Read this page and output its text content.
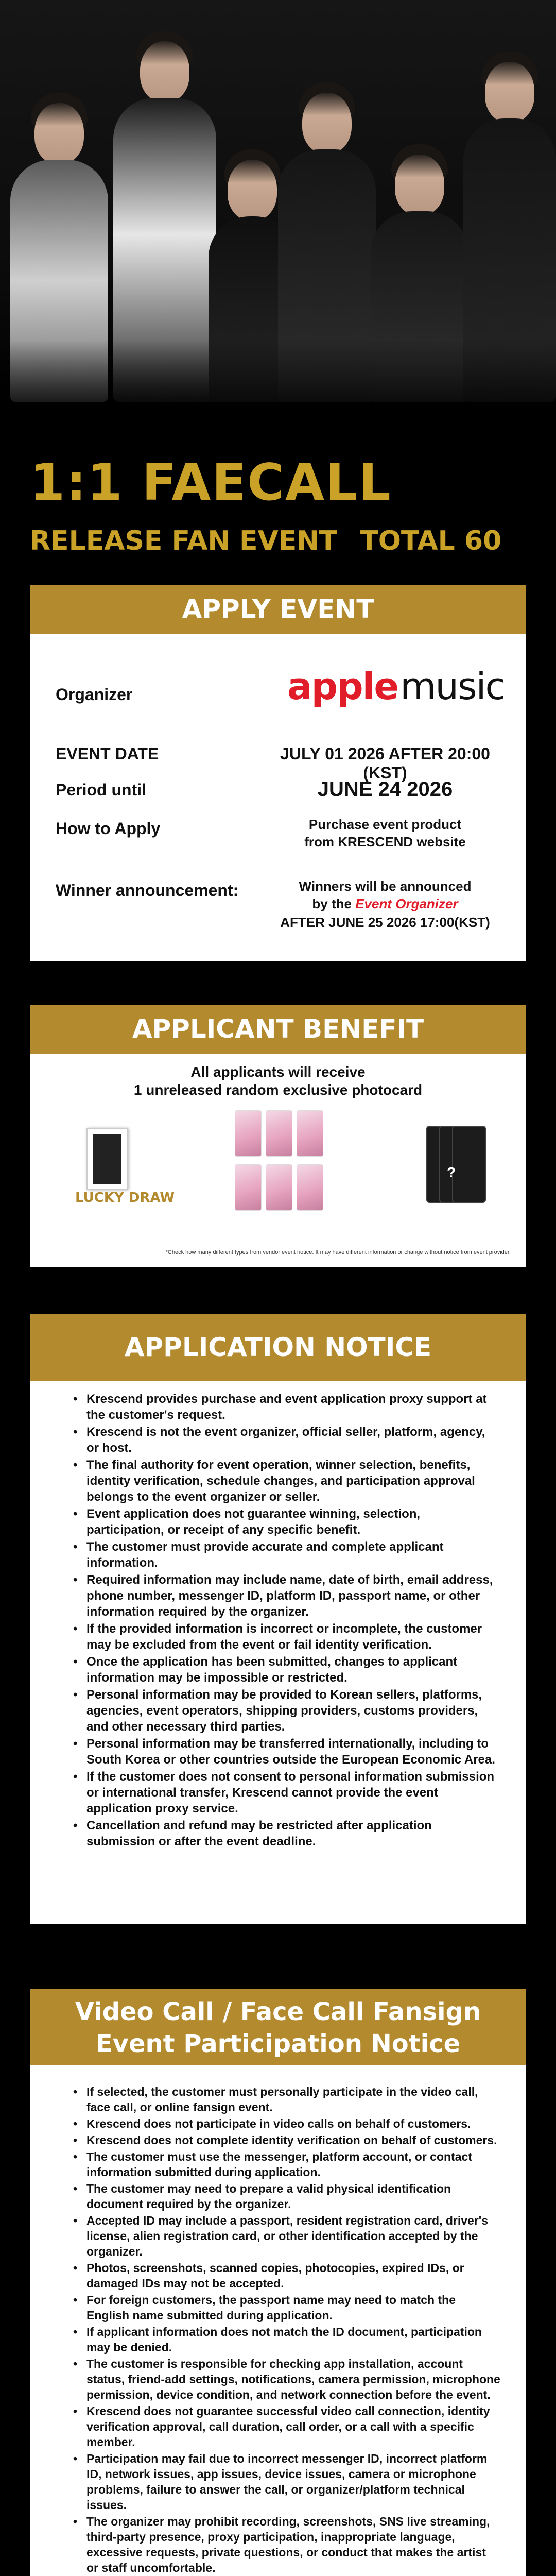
1:1 FAECALL
RELEASE FAN EVENT TOTAL 60
APPLY EVENT
Organizer	applemusic
EVENT DATE	JULY 01 2026 AFTER 20:00 (KST)
Period until	JUNE 24 2026
How to Apply	Purchase event product
from KRESCEND website
Winner announcement:	Winners will be announced
by the Event Organizer
AFTER JUNE 25 2026 17:00(KST)
APPLICANT BENEFIT
All applicants will receive
1 unreleased random exclusive photocard
LUCKY DRAW
?
*Check how many different types from vendor event notice. It may have different information or change without notice from event provider.
APPLICATION NOTICE
• Krescend provides purchase and event application proxy support at the customer's request.
• Krescend is not the event organizer, official seller, platform, agency, or host.
• The final authority for event operation, winner selection, benefits, identity verification, schedule changes, and participation approval belongs to the event organizer or seller.
• Event application does not guarantee winning, selection, participation, or receipt of any specific benefit.
• The customer must provide accurate and complete applicant information.
• Required information may include name, date of birth, email address, phone number, messenger ID, platform ID, passport name, or other information required by the organizer.
• If the provided information is incorrect or incomplete, the customer may be excluded from the event or fail identity verification.
• Once the application has been submitted, changes to applicant information may be impossible or restricted.
• Personal information may be provided to Korean sellers, platforms, agencies, event operators, shipping providers, customs providers, and other necessary third parties.
• Personal information may be transferred internationally, including to South Korea or other countries outside the European Economic Area.
• If the customer does not consent to personal information submission or international transfer, Krescend cannot provide the event application proxy service.
• Cancellation and refund may be restricted after application submission or after the event deadline.
Video Call / Face Call Fansign
Event Participation Notice
• If selected, the customer must personally participate in the video call, face call, or online fansign event.
• Krescend does not participate in video calls on behalf of customers.
• Krescend does not complete identity verification on behalf of customers.
• The customer must use the messenger, platform account, or contact information submitted during application.
• The customer may need to prepare a valid physical identification document required by the organizer.
• Accepted ID may include a passport, resident registration card, driver's license, alien registration card, or other identification accepted by the organizer.
• Photos, screenshots, scanned copies, photocopies, expired IDs, or damaged IDs may not be accepted.
• For foreign customers, the passport name may need to match the English name submitted during application.
• If applicant information does not match the ID document, participation may be denied.
• The customer is responsible for checking app installation, account status, friend-add settings, notifications, camera permission, microphone permission, device condition, and network connection before the event.
• Krescend does not guarantee successful video call connection, identity verification approval, call duration, call order, or a call with a specific member.
• Participation may fail due to incorrect messenger ID, incorrect platform ID, network issues, app issues, device issues, camera or microphone problems, failure to answer the call, or organizer/platform technical issues.
• The organizer may prohibit recording, screenshots, SNS live streaming, third-party presence, proxy participation, inappropriate language, excessive requests, private questions, or conduct that makes the artist or staff uncomfortable.
